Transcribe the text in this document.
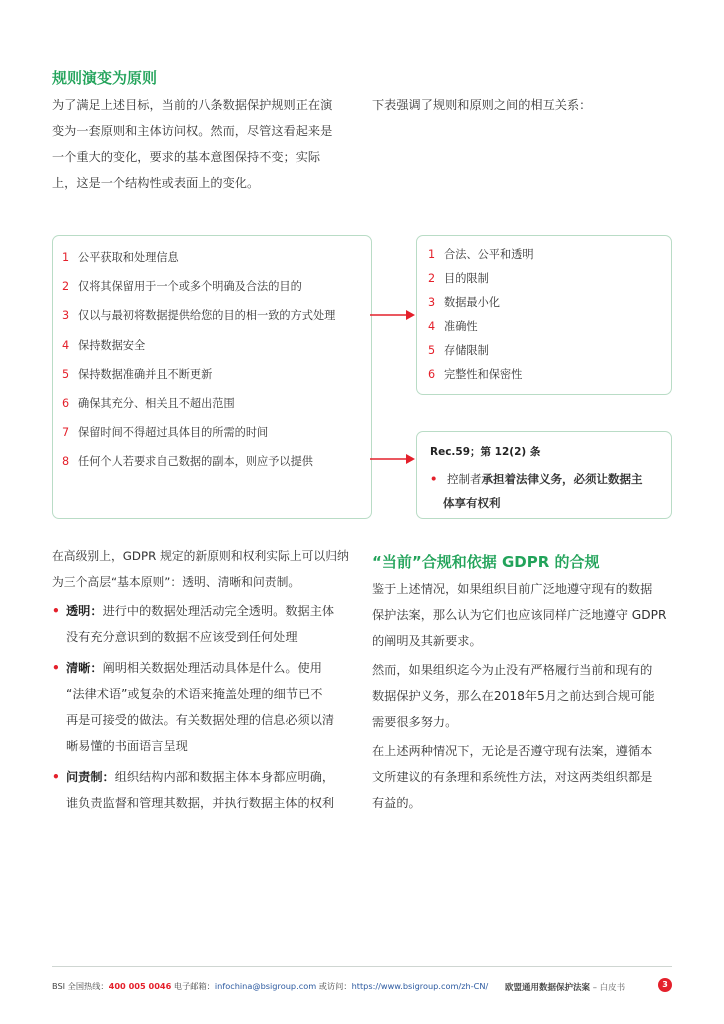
规则演变为原则

为了满足上述目标，当前的八条数据保护规则正在演

变为一套原则和主体访问权。然而，尽管这看起来是

一个重大的变化，要求的基本意图保持不变；实际

上，这是一个结构性或表面上的变化。

下表强调了规则和原则之间的相互关系：
1 公平获取和处理信息
2 仅将其保留用于一个或多个明确及合法的目的
3 仅以与最初将数据提供给您的目的相一致的方式处理
4 保持数据安全
5 保持数据准确并且不断更新
6 确保其充分、相关且不超出范围
7 保留时间不得超过具体目的所需的时间
8 任何个人若要求自己数据的副本，则应予以提供
1 合法、公平和透明
2 目的限制
3 数据最小化
4 准确性
5 存储限制
6 完整性和保密性
Rec.59；第 12(2) 条
• 控制者承担着法律义务，必须让数据主
体享有权利

在高级别上，GDPR 规定的新原则和权利实际上可以归纳

为三个高层“基本原则”：透明、清晰和问责制。

• 透明：进行中的数据处理活动完全透明。数据主体
没有充分意识到的数据不应该受到任何处理
• 清晰：阐明相关数据处理活动具体是什么。使用
“法律术语”或复杂的术语来掩盖处理的细节已不
再是可接受的做法。有关数据处理的信息必须以清
晰易懂的书面语言呈现
• 问责制：组织结构内部和数据主体本身都应明确，
谁负责监督和管理其数据，并执行数据主体的权利
“当前”合规和依据 GDPR 的合规

鉴于上述情况，如果组织目前广泛地遵守现有的数据

保护法案，那么认为它们也应该同样广泛地遵守 GDPR

的阐明及其新要求。

然而，如果组织迄今为止没有严格履行当前和现有的

数据保护义务，那么在2018年5月之前达到合规可能

需要很多努力。

在上述两种情况下，无论是否遵守现有法案，遵循本

文所建议的有条理和系统性方法，对这两类组织都是

有益的。

BSI 全国热线：400 005 0046 电子邮箱：infochina@bsigroup.com 或访问：https://www.bsigroup.com/zh-CN/ 欧盟通用数据保护法案 – 白皮书	3
